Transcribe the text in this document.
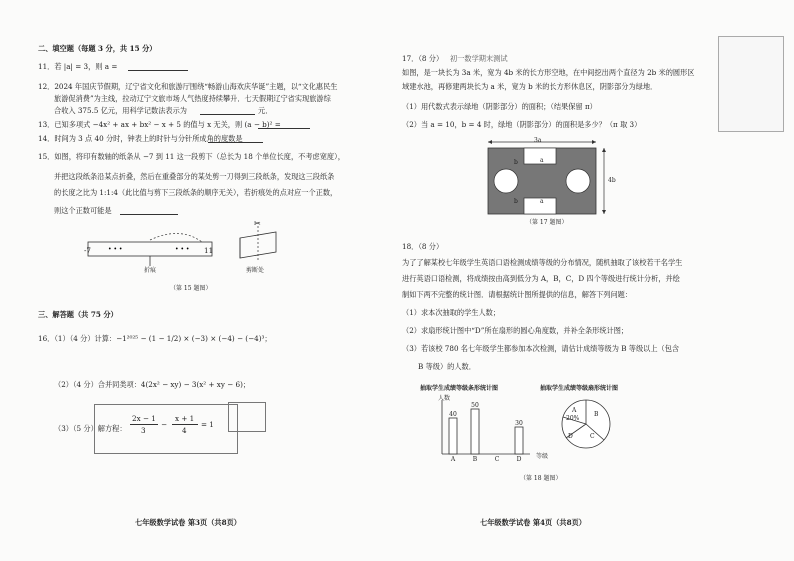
二、填空题（每题 3 分，共 15 分）
11．若 |a| = 3，则 a =
12．2024 年国庆节假期，辽宁省文化和旅游厅围绕“畅游山海欢庆华诞”主题，以“文化惠民生
旅游促消费”为主线，拉动辽宁文旅市场人气热度持续攀升．七天假期辽宁省实现旅游综
合收入 375.5 亿元，用科学记数法表示为	元．
13．已知多项式 −4x² + ax + bx² − x + 5 的值与 x 无关，则 (a − b)² =
14．时间为 3 点 40 分时，钟表上的时针与分针所成角的度数是
15．如图，将印有数轴的纸条从 −7 到 11 这一段剪下（总长为 18 个单位长度，不考虑宽度），
并把这段纸条沿某点折叠，然后在重叠部分的某处剪一刀得到三段纸条，发现这三段纸条
的长度之比为 1:1:4（此比值与剪下三段纸条的顺序无关），若折痕处的点对应一个正数，
则这个正数可能是
• • •	• • •
✂
-7	11
折痕	剪断处
（第 15 题图）
三、解答题（共 75 分）
16．（1）（4 分）计算：−1²⁰²⁵ − (1 − 1/2) × (−3) × (−4) − (−4)³；
（2）（4 分）合并同类项：4(2x² − xy) − 3(x² + xy − 6)；
（3）（5 分）解方程：
2x − 1
3
−
x + 1
4
= 1
七年级数学试卷 第3页（共8页）
17．（8 分） 初一数学期末测试
如图，是一块长为 3a 米，宽为 4b 米的长方形空地，在中间挖出两个直径为 2b 米的圆形区
域建水池，再修建两块长为 a 米，宽为 b 米的长方形休息区，阴影部分为绿地．
（1）用代数式表示绿地（阴影部分）的面积；（结果保留 π）
（2）当 a = 10，b = 4 时，绿地（阴影部分）的面积是多少？（π 取 3）
3a
a
b
a
b
4b
（第 17 题图）
18．（8 分）
为了了解某校七年级学生英语口语检测成绩等级的分布情况，随机抽取了该校若干名学生
进行英语口语检测，将成绩按由高到低分为 A，B，C，D 四个等级进行统计分析，并绘
制如下两不完整的统计图．请根据统计图所提供的信息，解答下列问题：
（1）求本次抽取的学生人数；
（2）求扇形统计图中“D”所在扇形的圆心角度数，并补全条形统计图；
（3）若该校 780 名七年级学生都参加本次检测，请估计成绩等级为 B 等级以上（包含
B 等级）的人数．
抽取学生成绩等级条形统计图	抽取学生成绩等级扇形统计图
40
A
50
B	C
30
D
人数
等级
A
20%
B
C
D
（第 18 题图）
七年级数学试卷 第4页（共8页）
